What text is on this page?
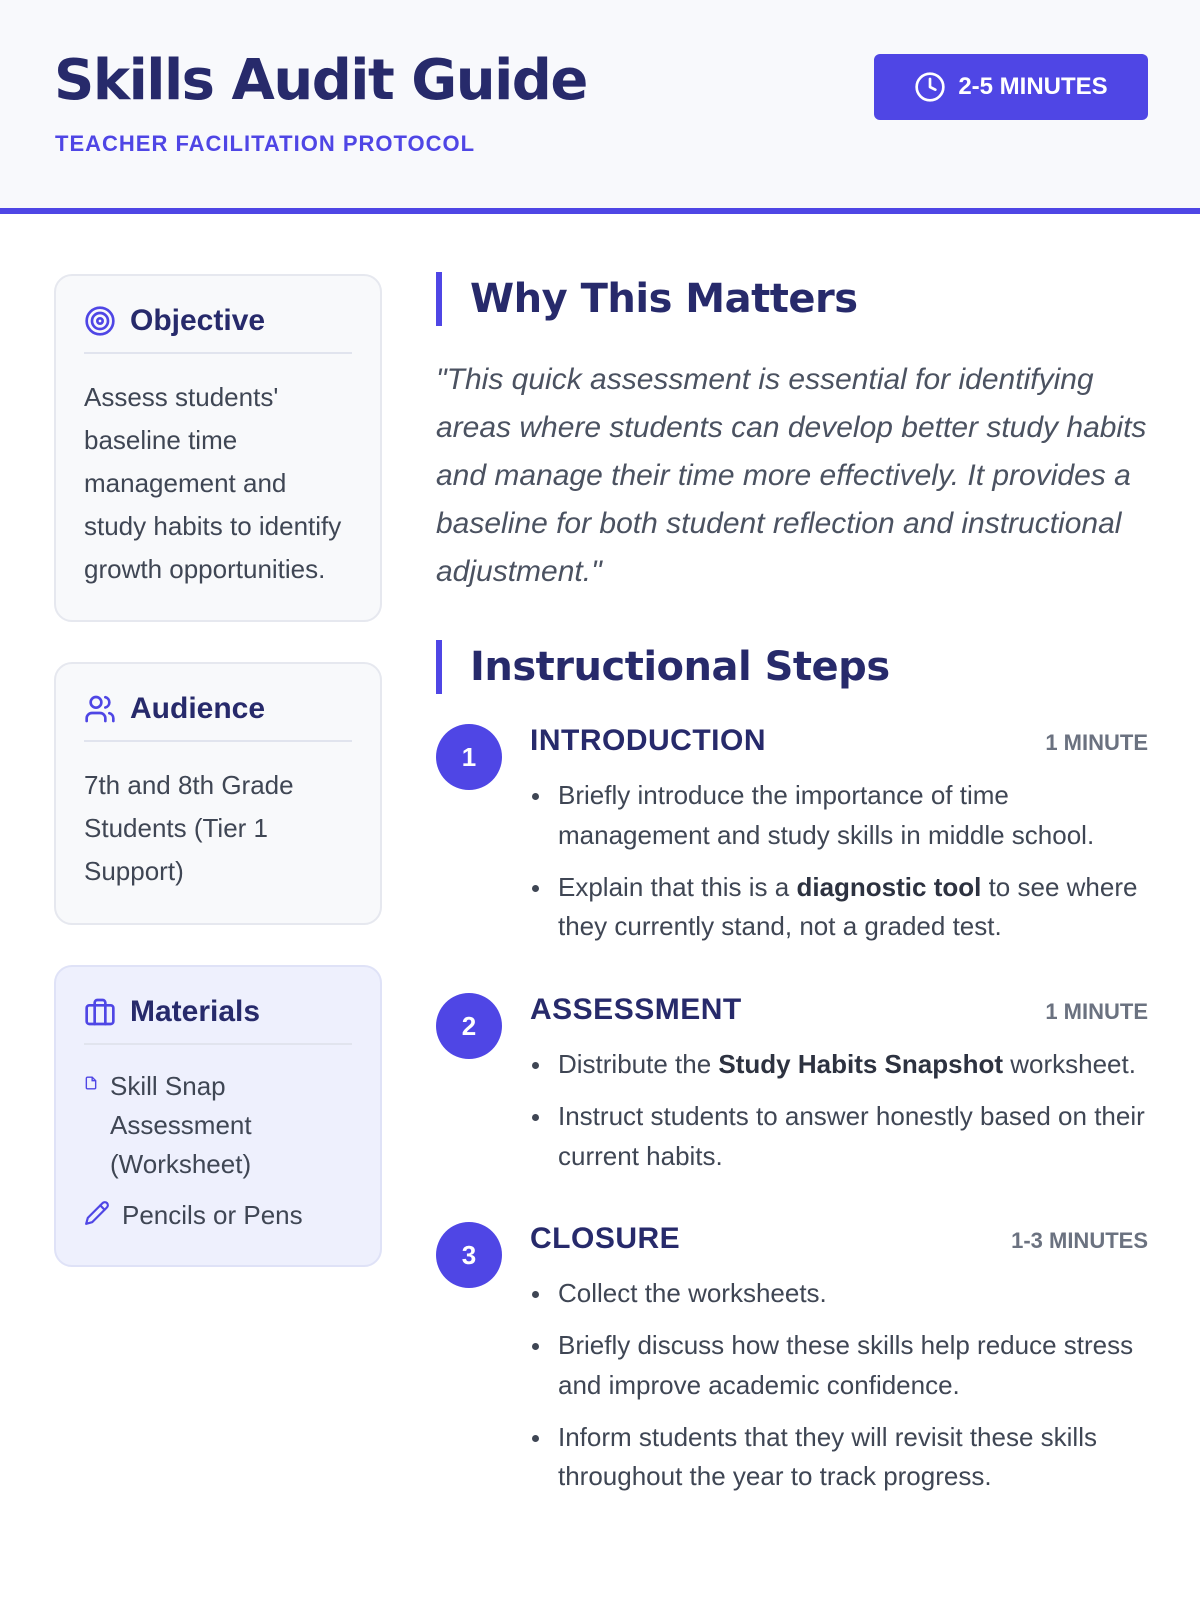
Skills Audit Guide
TEACHER FACILITATION PROTOCOL
2-5 MINUTES
Objective
Assess students' baseline time management and study habits to identify growth opportunities.
Audience
7th and 8th Grade Students (Tier 1 Support)
Materials
Skill Snap Assessment (Worksheet)
Pencils or Pens
Why This Matters
"This quick assessment is essential for identifying areas where students can develop better study habits and manage their time more effectively. It provides a baseline for both student reflection and instructional adjustment."
Instructional Steps
1	INTRODUCTION	1 MINUTE
Briefly introduce the importance of time management and study skills in middle school.
Explain that this is a diagnostic tool to see where they currently stand, not a graded test.
2	ASSESSMENT	1 MINUTE
Distribute the Study Habits Snapshot worksheet.
Instruct students to answer honestly based on their current habits.
3	CLOSURE	1-3 MINUTES
Collect the worksheets.
Briefly discuss how these skills help reduce stress and improve academic confidence.
Inform students that they will revisit these skills throughout the year to track progress.
